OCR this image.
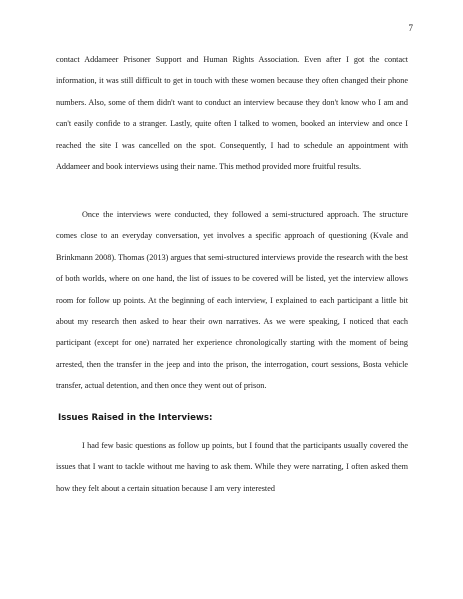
7

contact Addameer Prisoner Support and Human Rights Association. Even after I got the contact information, it was still difficult to get in touch with these women because they often changed their phone numbers. Also, some of them didn't want to conduct an interview because they don't know who I am and can't easily confide to a stranger. Lastly, quite often I talked to women, booked an interview and once I reached the site I was cancelled on the spot. Consequently, I had to schedule an appointment with Addameer and book interviews using their name. This method provided more fruitful results.

Once the interviews were conducted, they followed a semi-structured approach. The structure comes close to an everyday conversation, yet involves a specific approach of questioning (Kvale and Brinkmann 2008). Thomas (2013) argues that semi-structured interviews provide the research with the best of both worlds, where on one hand, the list of issues to be covered will be listed, yet the interview allows room for follow up points. At the beginning of each interview, I explained to each participant a little bit about my research then asked to hear their own narratives. As we were speaking, I noticed that each participant (except for one) narrated her experience chronologically starting with the moment of being arrested, then the transfer in the jeep and into the prison, the interrogation, court sessions, Bosta vehicle transfer, actual detention, and then once they went out of prison.

Issues Raised in the Interviews:

I had few basic questions as follow up points, but I found that the participants usually covered the issues that I want to tackle without me having to ask them. While they were narrating, I often asked them how they felt about a certain situation because I am very interested
